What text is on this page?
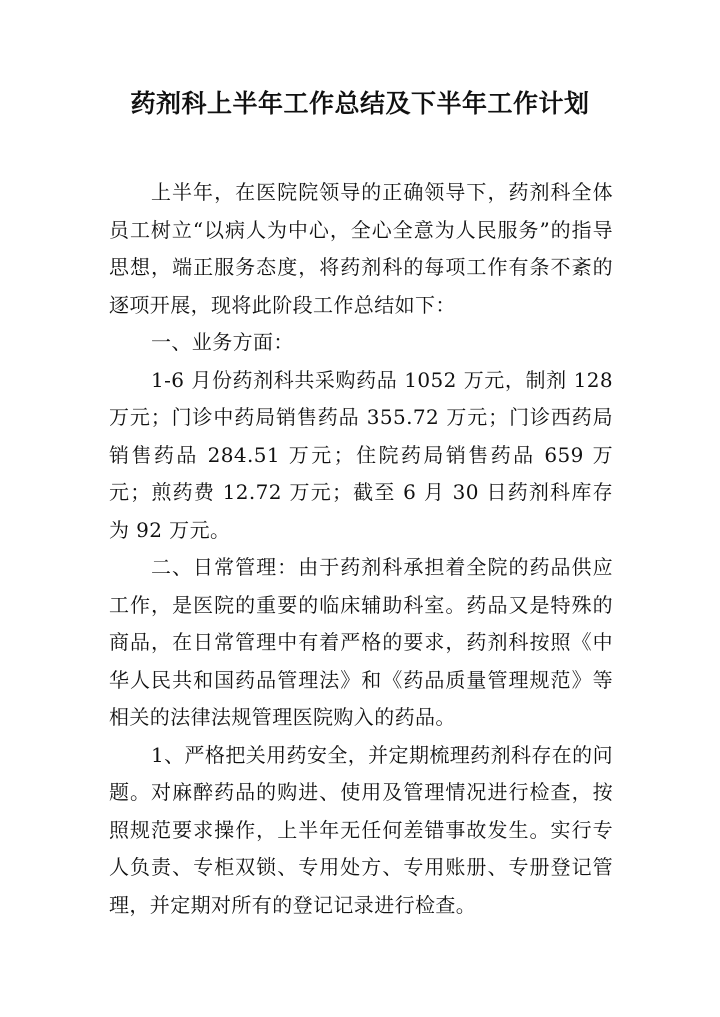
药剂科上半年工作总结及下半年工作计划

上半年，在医院院领导的正确领导下，药剂科全体员工树立“以病人为中心，全心全意为人民服务”的指导思想，端正服务态度，将药剂科的每项工作有条不紊的逐项开展，现将此阶段工作总结如下：

一、业务方面：

1-6 月份药剂科共采购药品 1052 万元，制剂 128 万元；门诊中药局销售药品 355.72 万元；门诊西药局销售药品 284.51 万元；住院药局销售药品 659 万元；煎药费 12.72 万元；截至 6 月 30 日药剂科库存为 92 万元。

二、日常管理：由于药剂科承担着全院的药品供应工作，是医院的重要的临床辅助科室。药品又是特殊的商品，在日常管理中有着严格的要求，药剂科按照《中华人民共和国药品管理法》和《药品质量管理规范》等相关的法律法规管理医院购入的药品。

1、严格把关用药安全，并定期梳理药剂科存在的问题。对麻醉药品的购进、使用及管理情况进行检查，按照规范要求操作，上半年无任何差错事故发生。实行专人负责、专柜双锁、专用处方、专用账册、专册登记管理，并定期对所有的登记记录进行检查。
